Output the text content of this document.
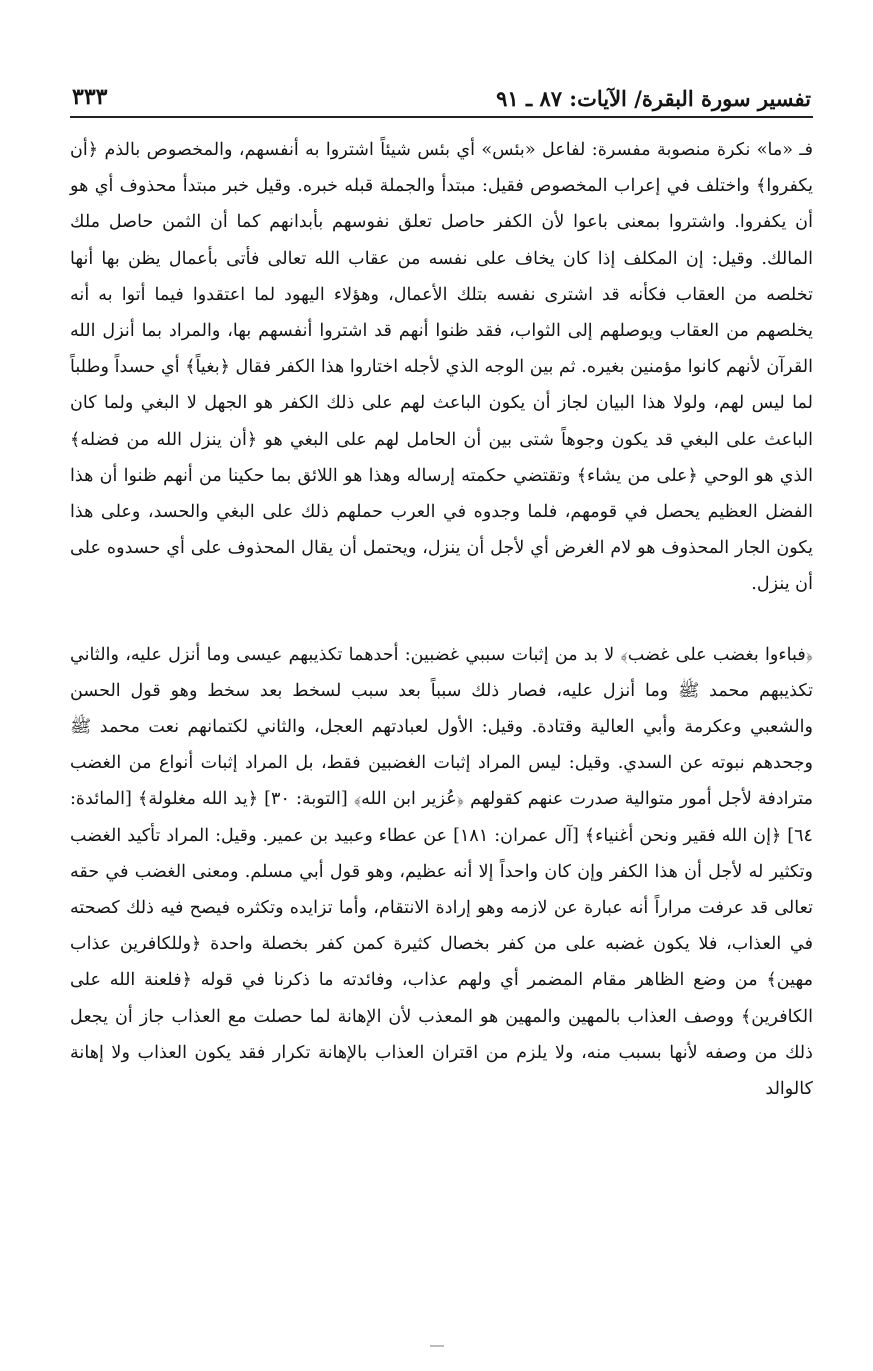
تفسير سورة البقرة/ الآيات: ٨٧ ـ ٩١
٣٣٣

فـ «ما» نكرة منصوبة مفسرة: لفاعل «بئس» أي بئس شيئاً اشتروا به أنفسهم، والمخصوص بالذم ﴿أن يكفروا﴾ واختلف في إعراب المخصوص فقيل: مبتدأ والجملة قبله خبره. وقيل خبر مبتدأ محذوف أي هو أن يكفروا. واشتروا بمعنى باعوا لأن الكفر حاصل تعلق نفوسهم بأبدانهم كما أن الثمن حاصل ملك المالك. وقيل: إن المكلف إذا كان يخاف على نفسه من عقاب الله تعالى فأتى بأعمال يظن بها أنها تخلصه من العقاب فكأنه قد اشترى نفسه بتلك الأعمال، وهؤلاء اليهود لما اعتقدوا فيما أتوا به أنه يخلصهم من العقاب ويوصلهم إلى الثواب، فقد ظنوا أنهم قد اشتروا أنفسهم بها، والمراد بما أنزل الله القرآن لأنهم كانوا مؤمنين بغيره. ثم بين الوجه الذي لأجله اختاروا هذا الكفر فقال ﴿بغياً﴾ أي حسداً وطلباً لما ليس لهم، ولولا هذا البيان لجاز أن يكون الباعث لهم على ذلك الكفر هو الجهل لا البغي ولما كان الباعث على البغي قد يكون وجوهاً شتى بين أن الحامل لهم على البغي هو ﴿أن ينزل الله من فضله﴾ الذي هو الوحي ﴿على من يشاء﴾ وتقتضي حكمته إرساله وهذا هو اللائق بما حكينا من أنهم ظنوا أن هذا الفضل العظيم يحصل في قومهم، فلما وجدوه في العرب حملهم ذلك على البغي والحسد، وعلى هذا يكون الجار المحذوف هو لام الغرض أي لأجل أن ينزل، ويحتمل أن يقال المحذوف على أي حسدوه على أن ينزل.

﴿فباءوا بغضب على غضب﴾ لا بد من إثبات سببي غضبين: أحدهما تكذيبهم عيسى وما أنزل عليه، والثاني تكذيبهم محمد ﷺ وما أنزل عليه، فصار ذلك سبباً بعد سبب لسخط بعد سخط وهو قول الحسن والشعبي وعكرمة وأبي العالية وقتادة. وقيل: الأول لعبادتهم العجل، والثاني لكتمانهم نعت محمد ﷺ وجحدهم نبوته عن السدي. وقيل: ليس المراد إثبات الغضبين فقط، بل المراد إثبات أنواع من الغضب مترادفة لأجل أمور متوالية صدرت عنهم كقولهم ﴿عُزير ابن الله﴾ [التوبة: ٣٠] ﴿يد الله مغلولة﴾ [المائدة: ٦٤] ﴿إن الله فقير ونحن أغنياء﴾ [آل عمران: ١٨١] عن عطاء وعبيد بن عمير. وقيل: المراد تأكيد الغضب وتكثير له لأجل أن هذا الكفر وإن كان واحداً إلا أنه عظيم، وهو قول أبي مسلم. ومعنى الغضب في حقه تعالى قد عرفت مراراً أنه عبارة عن لازمه وهو إرادة الانتقام، وأما تزايده وتكثره فيصح فيه ذلك كصحته في العذاب، فلا يكون غضبه على من كفر بخصال كثيرة كمن كفر بخصلة واحدة ﴿وللكافرين عذاب مهين﴾ من وضع الظاهر مقام المضمر أي ولهم عذاب، وفائدته ما ذكرنا في قوله ﴿فلعنة الله على الكافرين﴾ ووصف العذاب بالمهين والمهين هو المعذب لأن الإهانة لما حصلت مع العذاب جاز أن يجعل ذلك من وصفه لأنها بسبب منه، ولا يلزم من اقتران العذاب بالإهانة تكرار فقد يكون العذاب ولا إهانة كالوالد
